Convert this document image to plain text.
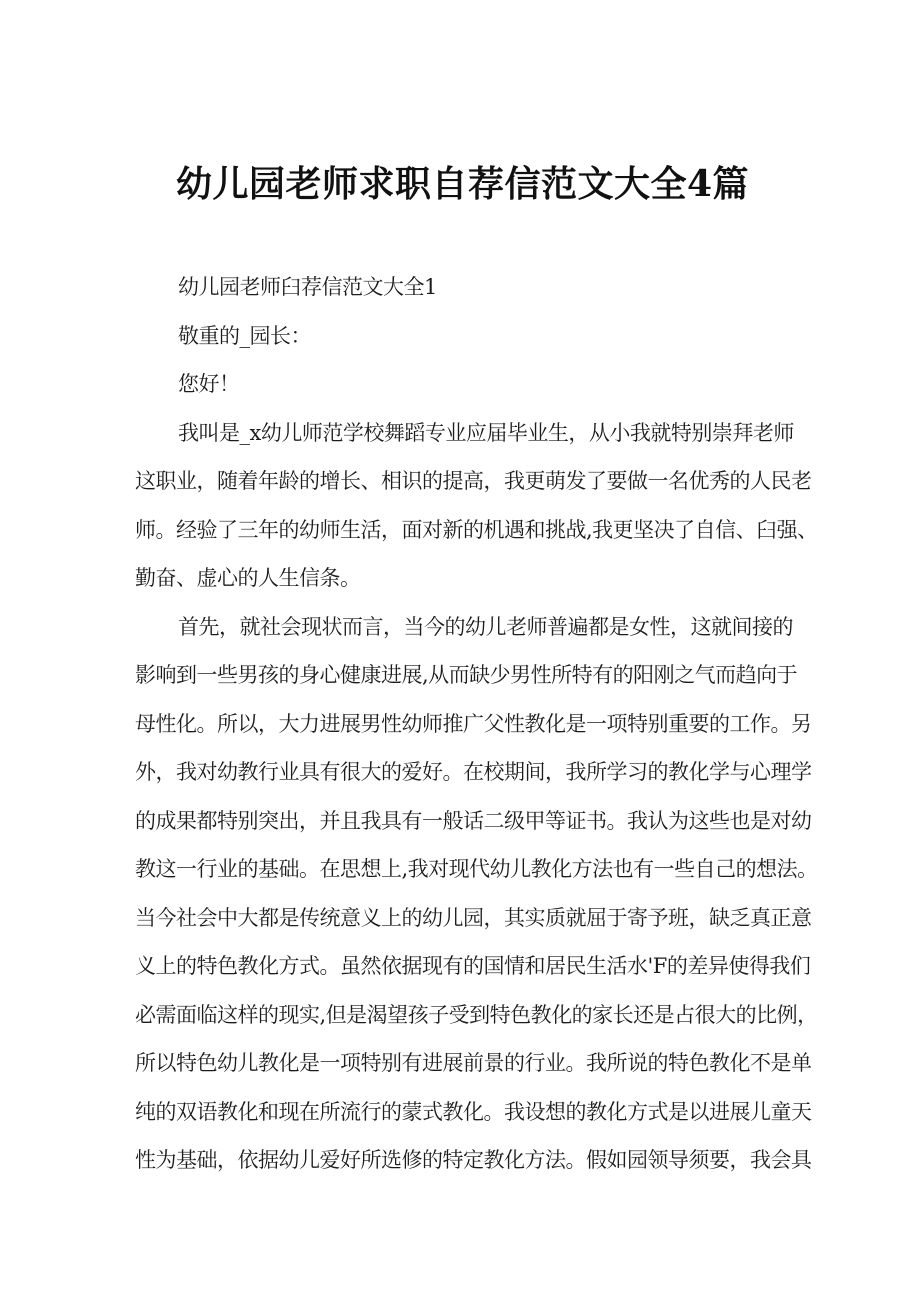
幼儿园老师求职自荐信范文大全4篇
幼儿园老师臼荐信范文大全1
敬重的_园长：
您好！
我叫是_x幼儿师范学校舞蹈专业应届毕业生，从小我就特别崇拜老师
这职业，随着年龄的增长、相识的提高，我更萌发了要做一名优秀的人民老
师。经验了三年的幼师生活，面对新的机遇和挑战,我更坚决了自信、臼强、
勤奋、虚心的人生信条。
首先，就社会现状而言，当今的幼儿老师普遍都是女性，这就间接的
影响到一些男孩的身心健康进展,从而缺少男性所特有的阳刚之气而趋向于
母性化。所以，大力进展男性幼师推广父性教化是一项特别重要的工作。另
外，我对幼教行业具有很大的爱好。在校期间，我所学习的教化学与心理学
的成果都特别突出，并且我具有一般话二级甲等证书。我认为这些也是对幼
教这一行业的基础。在思想上,我对现代幼儿教化方法也有一些自己的想法。
当今社会中大都是传统意义上的幼儿园，其实质就屈于寄予班，缺乏真正意
义上的特色教化方式。虽然依据现有的国情和居民生活水'F的差异使得我们
必需面临这样的现实,但是渴望孩子受到特色教化的家长还是占很大的比例，
所以特色幼儿教化是一项特别有进展前景的行业。我所说的特色教化不是单
纯的双语教化和现在所流行的蒙式教化。我设想的教化方式是以进展儿童天
性为基础，依据幼儿爱好所选修的特定教化方法。假如园领导须要，我会具
